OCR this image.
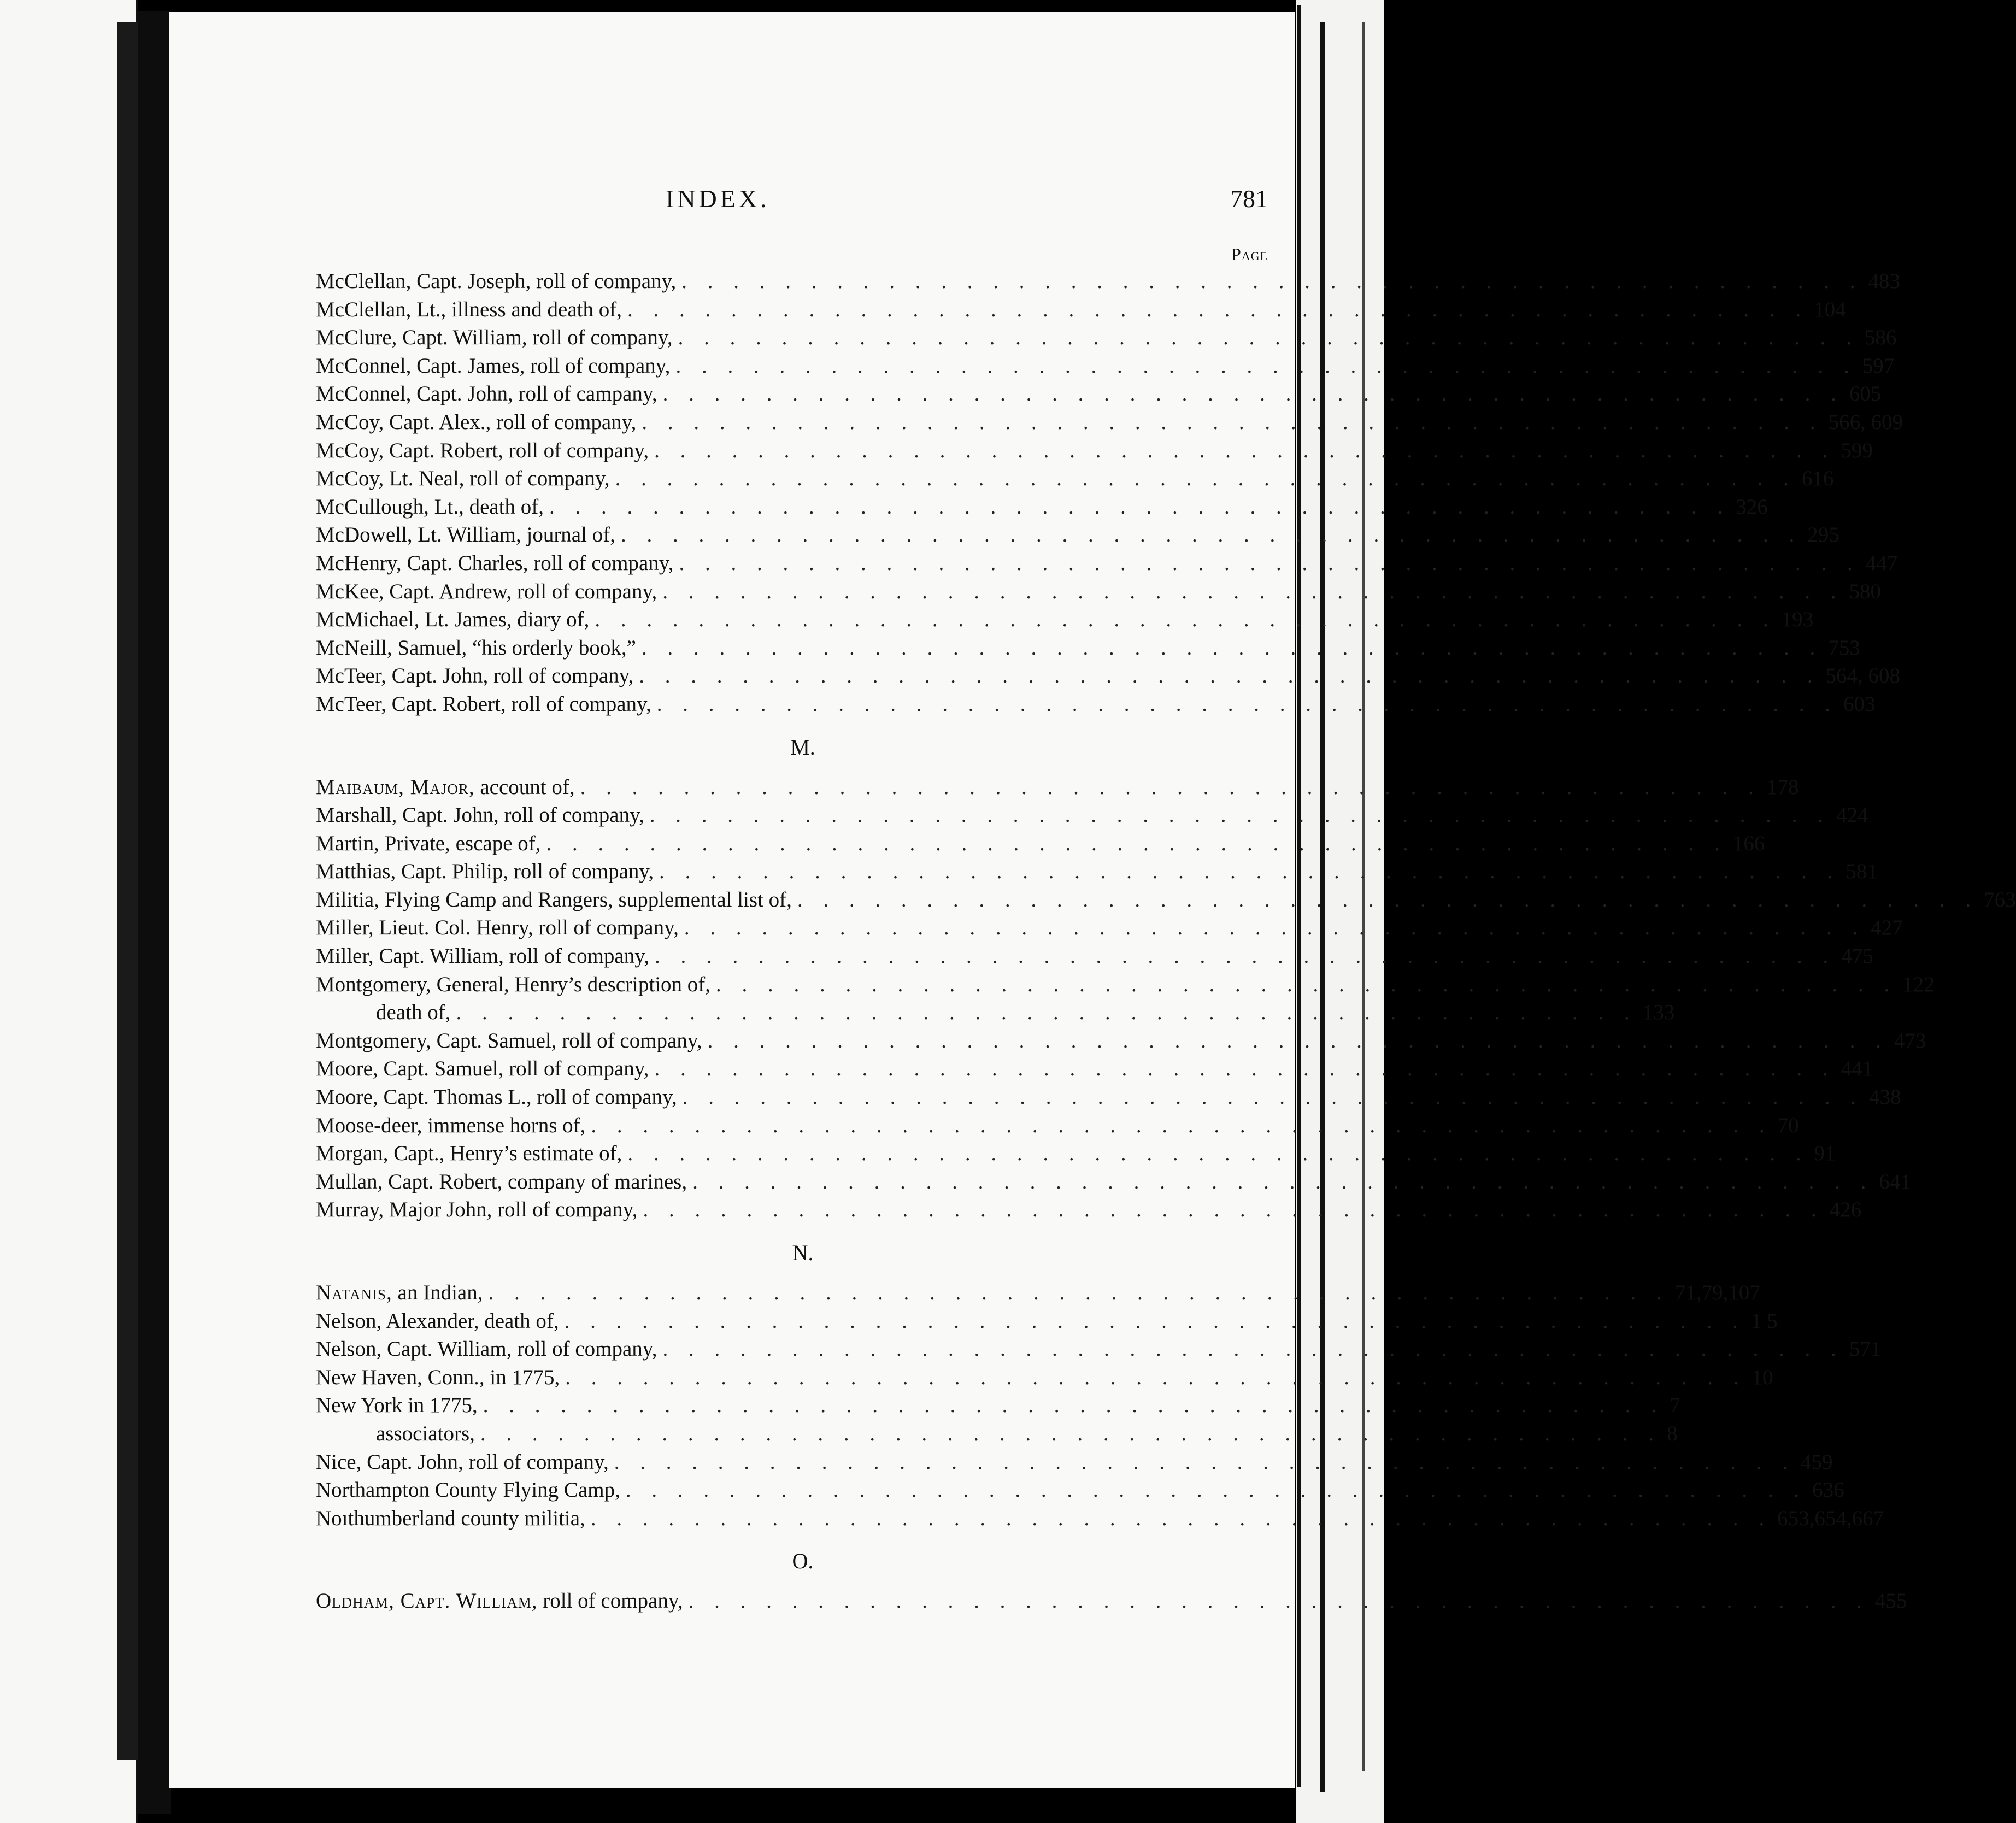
INDEX.	781
Page
McClellan, Capt. Joseph, roll of company, . . . . . . . . . . . . . . . . . . . . . . . . . . . . . . . . . . . . . . . . . . . . . . 483
McClellan, Lt., illness and death of, . . . . . . . . . . . . . . . . . . . . . . . . . . . . . . . . . . . . . . . . . . . . . . 104
McClure, Capt. William, roll of company, . . . . . . . . . . . . . . . . . . . . . . . . . . . . . . . . . . . . . . . . . . . . . . 586
McConnel, Capt. James, roll of company, . . . . . . . . . . . . . . . . . . . . . . . . . . . . . . . . . . . . . . . . . . . . . . 597
McConnel, Capt. John, roll of campany, . . . . . . . . . . . . . . . . . . . . . . . . . . . . . . . . . . . . . . . . . . . . . . 605
McCoy, Capt. Alex., roll of company, . . . . . . . . . . . . . . . . . . . . . . . . . . . . . . . . . . . . . . . . . . . . . . 566, 609
McCoy, Capt. Robert, roll of company, . . . . . . . . . . . . . . . . . . . . . . . . . . . . . . . . . . . . . . . . . . . . . . 599
McCoy, Lt. Neal, roll of company, . . . . . . . . . . . . . . . . . . . . . . . . . . . . . . . . . . . . . . . . . . . . . . 616
McCullough, Lt., death of, . . . . . . . . . . . . . . . . . . . . . . . . . . . . . . . . . . . . . . . . . . . . . . 326
McDowell, Lt. William, journal of, . . . . . . . . . . . . . . . . . . . . . . . . . . . . . . . . . . . . . . . . . . . . . . 295
McHenry, Capt. Charles, roll of company, . . . . . . . . . . . . . . . . . . . . . . . . . . . . . . . . . . . . . . . . . . . . . . 447
McKee, Capt. Andrew, roll of company, . . . . . . . . . . . . . . . . . . . . . . . . . . . . . . . . . . . . . . . . . . . . . . 580
McMichael, Lt. James, diary of, . . . . . . . . . . . . . . . . . . . . . . . . . . . . . . . . . . . . . . . . . . . . . . 193
McNeill, Samuel, “his orderly book,” . . . . . . . . . . . . . . . . . . . . . . . . . . . . . . . . . . . . . . . . . . . . . . 753
McTeer, Capt. John, roll of company, . . . . . . . . . . . . . . . . . . . . . . . . . . . . . . . . . . . . . . . . . . . . . . 564, 608
McTeer, Capt. Robert, roll of company, . . . . . . . . . . . . . . . . . . . . . . . . . . . . . . . . . . . . . . . . . . . . . . 603
M.
Maibaum, Major, account of, . . . . . . . . . . . . . . . . . . . . . . . . . . . . . . . . . . . . . . . . . . . . . . 178
Marshall, Capt. John, roll of company, . . . . . . . . . . . . . . . . . . . . . . . . . . . . . . . . . . . . . . . . . . . . . . 424
Martin, Private, escape of, . . . . . . . . . . . . . . . . . . . . . . . . . . . . . . . . . . . . . . . . . . . . . . 166
Matthias, Capt. Philip, roll of company, . . . . . . . . . . . . . . . . . . . . . . . . . . . . . . . . . . . . . . . . . . . . . . 581
Militia, Flying Camp and Rangers, supplemental list of, . . . . . . . . . . . . . . . . . . . . . . . . . . . . . . . . . . . . . . . . . . . . . . 763
Miller, Lieut. Col. Henry, roll of company, . . . . . . . . . . . . . . . . . . . . . . . . . . . . . . . . . . . . . . . . . . . . . . 427
Miller, Capt. William, roll of company, . . . . . . . . . . . . . . . . . . . . . . . . . . . . . . . . . . . . . . . . . . . . . . 475
Montgomery, General, Henry’s description of, . . . . . . . . . . . . . . . . . . . . . . . . . . . . . . . . . . . . . . . . . . . . . . 122
death of, . . . . . . . . . . . . . . . . . . . . . . . . . . . . . . . . . . . . . . . . . . . . . . 133
Montgomery, Capt. Samuel, roll of company, . . . . . . . . . . . . . . . . . . . . . . . . . . . . . . . . . . . . . . . . . . . . . . 473
Moore, Capt. Samuel, roll of company, . . . . . . . . . . . . . . . . . . . . . . . . . . . . . . . . . . . . . . . . . . . . . . 441
Moore, Capt. Thomas L., roll of company, . . . . . . . . . . . . . . . . . . . . . . . . . . . . . . . . . . . . . . . . . . . . . . 438
Moose-deer, immense horns of, . . . . . . . . . . . . . . . . . . . . . . . . . . . . . . . . . . . . . . . . . . . . . . 70
Morgan, Capt., Henry’s estimate of, . . . . . . . . . . . . . . . . . . . . . . . . . . . . . . . . . . . . . . . . . . . . . . 91
Mullan, Capt. Robert, company of marines, . . . . . . . . . . . . . . . . . . . . . . . . . . . . . . . . . . . . . . . . . . . . . . 641
Murray, Major John, roll of company, . . . . . . . . . . . . . . . . . . . . . . . . . . . . . . . . . . . . . . . . . . . . . . 426
N.
Natanis, an Indian, . . . . . . . . . . . . . . . . . . . . . . . . . . . . . . . . . . . . . . . . . . . . . . 71,79,107
Nelson, Alexander, death of, . . . . . . . . . . . . . . . . . . . . . . . . . . . . . . . . . . . . . . . . . . . . . . 1 5
Nelson, Capt. William, roll of company, . . . . . . . . . . . . . . . . . . . . . . . . . . . . . . . . . . . . . . . . . . . . . . 571
New Haven, Conn., in 1775, . . . . . . . . . . . . . . . . . . . . . . . . . . . . . . . . . . . . . . . . . . . . . . 10
New York in 1775, . . . . . . . . . . . . . . . . . . . . . . . . . . . . . . . . . . . . . . . . . . . . . . 7
associators, . . . . . . . . . . . . . . . . . . . . . . . . . . . . . . . . . . . . . . . . . . . . . . 8
Nice, Capt. John, roll of company, . . . . . . . . . . . . . . . . . . . . . . . . . . . . . . . . . . . . . . . . . . . . . . 459
Northampton County Flying Camp, . . . . . . . . . . . . . . . . . . . . . . . . . . . . . . . . . . . . . . . . . . . . . . 636
Noıthumberland county militia, . . . . . . . . . . . . . . . . . . . . . . . . . . . . . . . . . . . . . . . . . . . . . . 653,654,667
O.
Oldham, Capt. William, roll of company, . . . . . . . . . . . . . . . . . . . . . . . . . . . . . . . . . . . . . . . . . . . . . . 455
